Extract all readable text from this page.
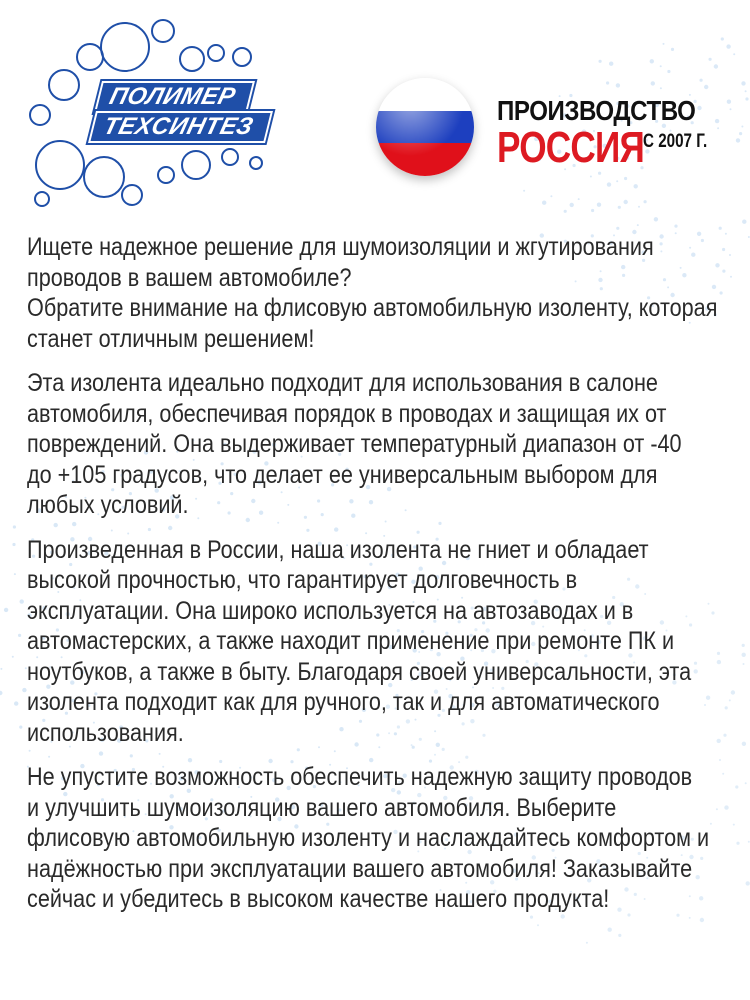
ПОЛИМЕР
ТЕХСИНТЕЗ
ПРОИЗВОДСТВО
РОССИЯ
С 2007 Г.

Ищете надежное решение для шумоизоляции и жгутирования
проводов в вашем автомобиле?
Обратите внимание на флисовую автомобильную изоленту, которая
станет отличным решением!

Эта изолента идеально подходит для использования в салоне
автомобиля, обеспечивая порядок в проводах и защищая их от
повреждений. Она выдерживает температурный диапазон от -40
до +105 градусов, что делает ее универсальным выбором для
любых условий.

Произведенная в России, наша изолента не гниет и обладает
высокой прочностью, что гарантирует долговечность в
эксплуатации. Она широко используется на автозаводах и в
автомастерских, а также находит применение при ремонте ПК и
ноутбуков, а также в быту. Благодаря своей универсальности, эта
изолента подходит как для ручного, так и для автоматического
использования.

Не упустите возможность обеспечить надежную защиту проводов
и улучшить шумоизоляцию вашего автомобиля. Выберите
флисовую автомобильную изоленту и наслаждайтесь комфортом и
надёжностью при эксплуатации вашего автомобиля! Заказывайте
сейчас и убедитесь в высоком качестве нашего продукта!
